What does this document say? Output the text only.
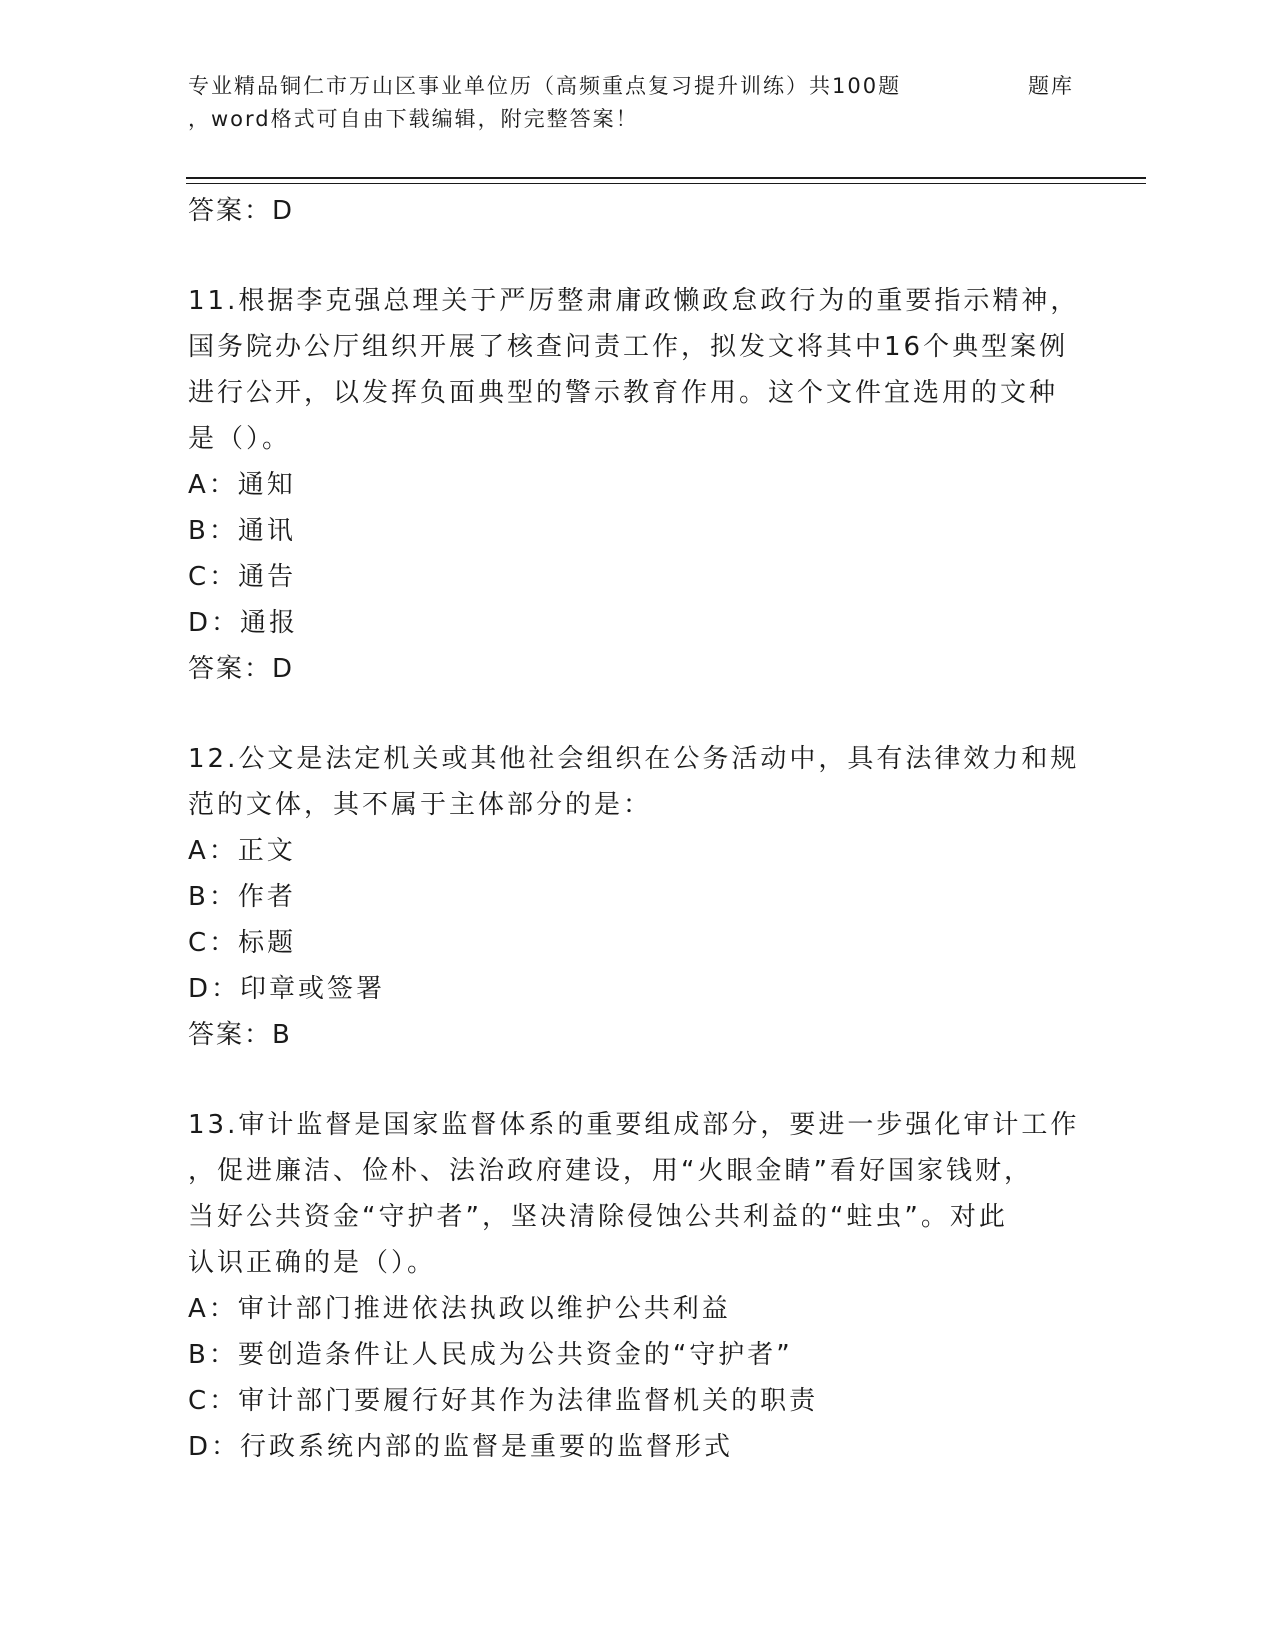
专业精品铜仁市万山区事业单位历（高频重点复习提升训练）共100题
，word格式可自由下载编辑，附完整答案！
题库
答案：D
11.根据李克强总理关于严厉整肃庸政懒政怠政行为的重要指示精神，
国务院办公厅组织开展了核查问责工作，拟发文将其中16个典型案例
进行公开，以发挥负面典型的警示教育作用。这个文件宜选用的文种
是（）。
A：通知
B：通讯
C：通告
D：通报
答案：D
12.公文是法定机关或其他社会组织在公务活动中，具有法律效力和规
范的文体，其不属于主体部分的是：
A：正文
B：作者
C：标题
D：印章或签署
答案：B
13.审计监督是国家监督体系的重要组成部分，要进一步强化审计工作
，促进廉洁、俭朴、法治政府建设，用“火眼金睛”看好国家钱财，
当好公共资金“守护者”，坚决清除侵蚀公共利益的“蛀虫”。对此
认识正确的是（）。
A：审计部门推进依法执政以维护公共利益
B：要创造条件让人民成为公共资金的“守护者”
C：审计部门要履行好其作为法律监督机关的职责
D：行政系统内部的监督是重要的监督形式
